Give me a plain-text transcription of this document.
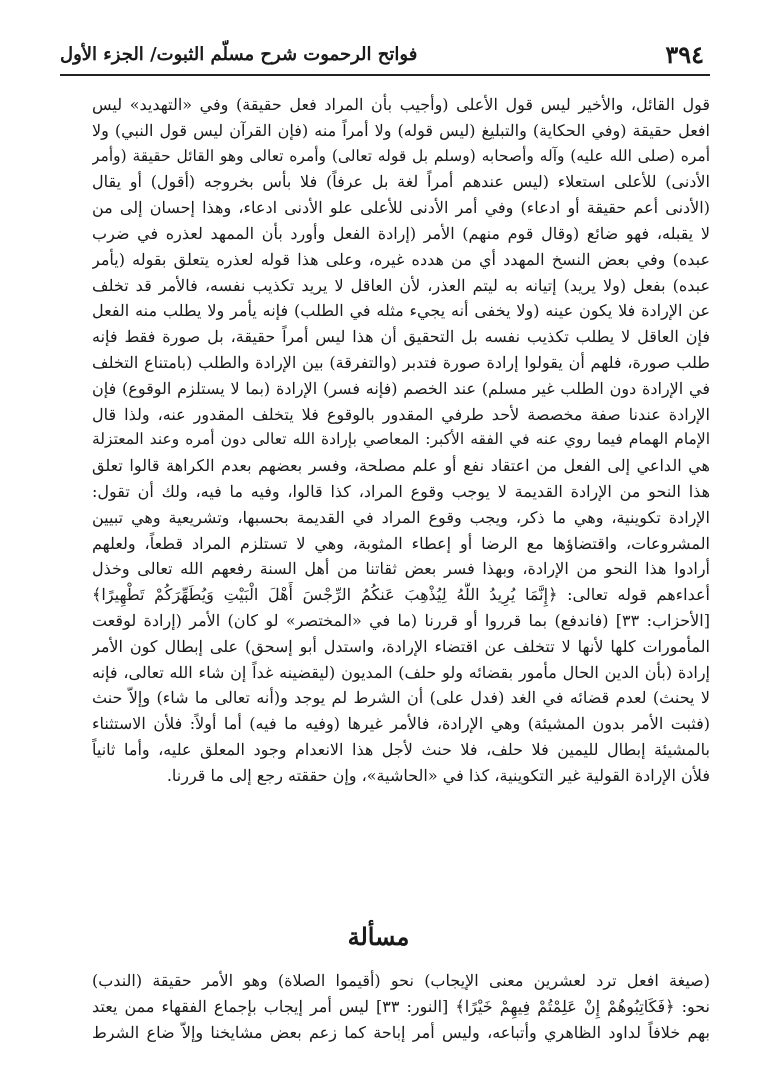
فواتح الرحموت شرح مسلّم الثبوت/ الجزء الأول	٣٩٤
قول القائل، والأخير ليس قول الأعلى (وأجيب بأن المراد فعل حقيقة) وفي «التهديد» ليس
افعل حقيقة (وفي الحكاية) والتبليغ (ليس قوله) ولا أمراً منه (فإن القرآن ليس قول النبي) ولا
أمره (صلى الله عليه) وآله وأصحابه (وسلم بل قوله تعالى) وأمره تعالى وهو القائل حقيقة (وأمر
الأدنى) للأعلى استعلاء (ليس عندهم أمراً لغة بل عرفاً) فلا بأس بخروجه (أقول) أو يقال
(الأدنى أعم حقيقة أو ادعاء) وفي أمر الأدنى للأعلى علو الأدنى ادعاء، وهذا إحسان إلى من
لا يقبله، فهو ضائع (وقال قوم منهم) الأمر (إرادة الفعل وأورد بأن الممهد لعذره في ضرب
عبده) وفي بعض النسخ المهدد أي من هدده غيره، وعلى هذا قوله لعذره يتعلق بقوله (يأمر
عبده) بفعل (ولا يريد) إتيانه به ليتم العذر، لأن العاقل لا يريد تكذيب نفسه، فالأمر قد تخلف
عن الإرادة فلا يكون عينه (ولا يخفى أنه يجيء مثله في الطلب) فإنه يأمر ولا يطلب منه الفعل
فإن العاقل لا يطلب تكذيب نفسه بل التحقيق أن هذا ليس أمراً حقيقة، بل صورة فقط فإنه
طلب صورة، فلهم أن يقولوا إرادة صورة فتدبر (والتفرقة) بين الإرادة والطلب (بامتناع التخلف
في الإرادة دون الطلب غير مسلم) عند الخصم (فإنه فسر) الإرادة (بما لا يستلزم الوقوع) فإن
الإرادة عندنا صفة مخصصة لأحد طرفي المقدور بالوقوع فلا يتخلف المقدور عنه، ولذا قال
الإمام الهمام فيما روي عنه في الفقه الأكبر: المعاصي بإرادة الله تعالى دون أمره وعند المعتزلة
هي الداعي إلى الفعل من اعتقاد نفع أو علم مصلحة، وفسر بعضهم بعدم الكراهة قالوا تعلق
هذا النحو من الإرادة القديمة لا يوجب وقوع المراد، كذا قالوا، وفيه ما فيه، ولك أن تقول:
الإرادة تكوينية، وهي ما ذكر، ويجب وقوع المراد في القديمة بحسبها، وتشريعية وهي تبيين
المشروعات، واقتضاؤها مع الرضا أو إعطاء المثوبة، وهي لا تستلزم المراد قطعاً، ولعلهم
أرادوا هذا النحو من الإرادة، وبهذا فسر بعض ثقاتنا من أهل السنة رفعهم الله تعالى وخذل
أعداءهم قوله تعالى: ﴿إِنَّمَا يُرِيدُ اللَّهُ لِيُذْهِبَ عَنكُمُ الرِّجْسَ أَهْلَ الْبَيْتِ وَيُطَهِّرَكُمْ تَطْهِيرًا﴾
[الأحزاب: ٣٣] (فاندفع) بما قرروا أو قررنا (ما في «المختصر» لو كان) الأمر (إرادة لوقعت
المأمورات كلها لأنها لا تتخلف عن اقتضاء الإرادة، واستدل أبو إسحق) على إبطال كون الأمر
إرادة (بأن الدين الحال مأمور بقضائه ولو حلف) المديون (ليقضينه غداً إن شاء الله تعالى، فإنه
لا يحنث) لعدم قضائه في الغد (فدل على) أن الشرط لم يوجد و(أنه تعالى ما شاء) وإلاّ حنث
(فثبت الأمر بدون المشيئة) وهي الإرادة، فالأمر غيرها (وفيه ما فيه) أما أولاً: فلأن الاستثناء
بالمشيئة إبطال لليمين فلا حلف، فلا حنث لأجل هذا الانعدام وجود المعلق عليه، وأما ثانياً
فلأن الإرادة القولية غير التكوينية، كذا في «الحاشية»، وإن حققته رجع إلى ما قررنا.
مسألة
(صيغة افعل ترد لعشرين معنى الإيجاب) نحو (أقيموا الصلاة) وهو الأمر حقيقة (الندب)
نحو: ﴿فَكَاتِبُوهُمْ إِنْ عَلِمْتُمْ فِيهِمْ خَيْرًا﴾ [النور: ٣٣] ليس أمر إيجاب بإجماع الفقهاء ممن يعتد
بهم خلافاً لداود الظاهري وأتباعه، وليس أمر إباحة كما زعم بعض مشايخنا وإلاّ ضاع الشرط
